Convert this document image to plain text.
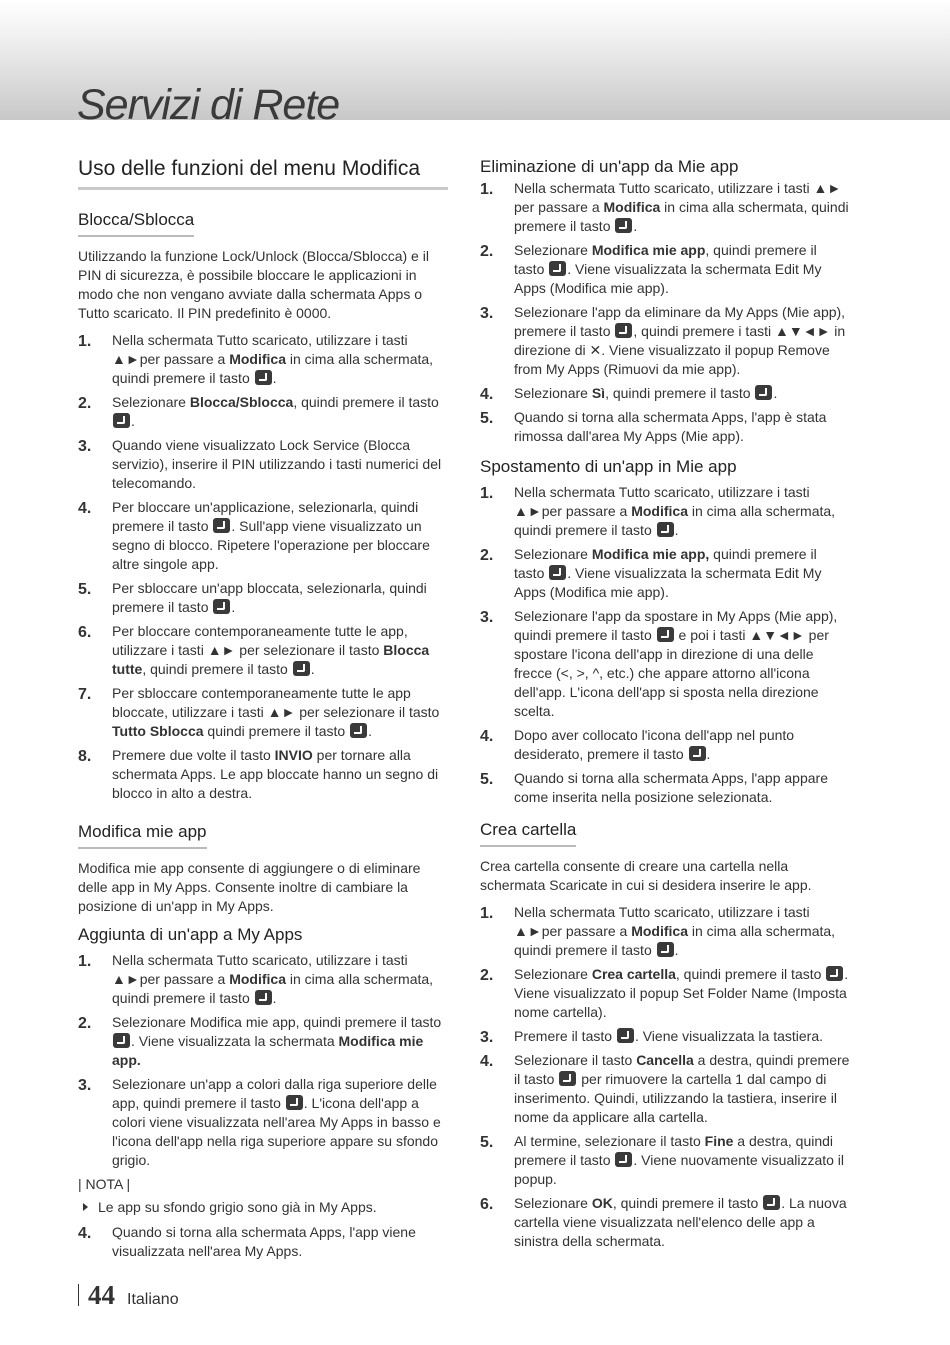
Servizi di Rete
Uso delle funzioni del menu Modifica
Blocca/Sblocca

Utilizzando la funzione Lock/Unlock (Blocca/Sblocca) e il PIN di sicurezza, è possibile bloccare le applicazioni in modo che non vengano avviate dalla schermata Apps o Tutto scaricato. Il PIN predefinito è 0000.

1. Nella schermata Tutto scaricato, utilizzare i tasti ▲►per passare a Modifica in cima alla schermata, quindi premere il tasto .
2. Selezionare Blocca/Sblocca, quindi premere il tasto .
3. Quando viene visualizzato Lock Service (Blocca servizio), inserire il PIN utilizzando i tasti numerici del telecomando.
4. Per bloccare un'applicazione, selezionarla, quindi premere il tasto . Sull'app viene visualizzato un segno di blocco. Ripetere l'operazione per bloccare altre singole app.
5. Per sbloccare un'app bloccata, selezionarla, quindi premere il tasto .
6. Per bloccare contemporaneamente tutte le app, utilizzare i tasti ▲► per selezionare il tasto Blocca tutte, quindi premere il tasto .
7. Per sbloccare contemporaneamente tutte le app bloccate, utilizzare i tasti ▲► per selezionare il tasto Tutto Sblocca quindi premere il tasto .
8. Premere due volte il tasto INVIO per tornare alla schermata Apps. Le app bloccate hanno un segno di blocco in alto a destra.
Modifica mie app

Modifica mie app consente di aggiungere o di eliminare delle app in My Apps. Consente inoltre di cambiare la posizione di un'app in My Apps.

Aggiunta di un'app a My Apps
1. Nella schermata Tutto scaricato, utilizzare i tasti ▲►per passare a Modifica in cima alla schermata, quindi premere il tasto .
2. Selezionare Modifica mie app, quindi premere il tasto . Viene visualizzata la schermata Modifica mie app.
3. Selezionare un'app a colori dalla riga superiore delle app, quindi premere il tasto . L'icona dell'app a colori viene visualizzata nell'area My Apps in basso e l'icona dell'app nella riga superiore appare su sfondo grigio.
| NOTA |
Le app su sfondo grigio sono già in My Apps.
4. Quando si torna alla schermata Apps, l'app viene visualizzata nell'area My Apps.
Eliminazione di un'app da Mie app
1. Nella schermata Tutto scaricato, utilizzare i tasti ▲► per passare a Modifica in cima alla schermata, quindi premere il tasto .
2. Selezionare Modifica mie app, quindi premere il tasto . Viene visualizzata la schermata Edit My Apps (Modifica mie app).
3. Selezionare l'app da eliminare da My Apps (Mie app), premere il tasto , quindi premere i tasti ▲▼◄► in direzione di ✕. Viene visualizzato il popup Remove from My Apps (Rimuovi da mie app).
4. Selezionare Sì, quindi premere il tasto .
5. Quando si torna alla schermata Apps, l'app è stata rimossa dall'area My Apps (Mie app).
Spostamento di un'app in Mie app
1. Nella schermata Tutto scaricato, utilizzare i tasti ▲►per passare a Modifica in cima alla schermata, quindi premere il tasto .
2. Selezionare Modifica mie app, quindi premere il tasto . Viene visualizzata la schermata Edit My Apps (Modifica mie app).
3. Selezionare l'app da spostare in My Apps (Mie app), quindi premere il tasto  e poi i tasti ▲▼◄► per spostare l'icona dell'app in direzione di una delle frecce (<, >, ^, etc.) che appare attorno all'icona dell'app. L'icona dell'app si sposta nella direzione scelta.
4. Dopo aver collocato l'icona dell'app nel punto desiderato, premere il tasto .
5. Quando si torna alla schermata Apps, l'app appare come inserita nella posizione selezionata.
Crea cartella

Crea cartella consente di creare una cartella nella schermata Scaricate in cui si desidera inserire le app.

1. Nella schermata Tutto scaricato, utilizzare i tasti ▲►per passare a Modifica in cima alla schermata, quindi premere il tasto .
2. Selezionare Crea cartella, quindi premere il tasto . Viene visualizzato il popup Set Folder Name (Imposta nome cartella).
3. Premere il tasto . Viene visualizzata la tastiera.
4. Selezionare il tasto Cancella a destra, quindi premere il tasto  per rimuovere la cartella 1 dal campo di inserimento. Quindi, utilizzando la tastiera, inserire il nome da applicare alla cartella.
5. Al termine, selezionare il tasto Fine a destra, quindi premere il tasto . Viene nuovamente visualizzato il popup.
6. Selezionare OK, quindi premere il tasto . La nuova cartella viene visualizzata nell'elenco delle app a sinistra della schermata.
44 Italiano
